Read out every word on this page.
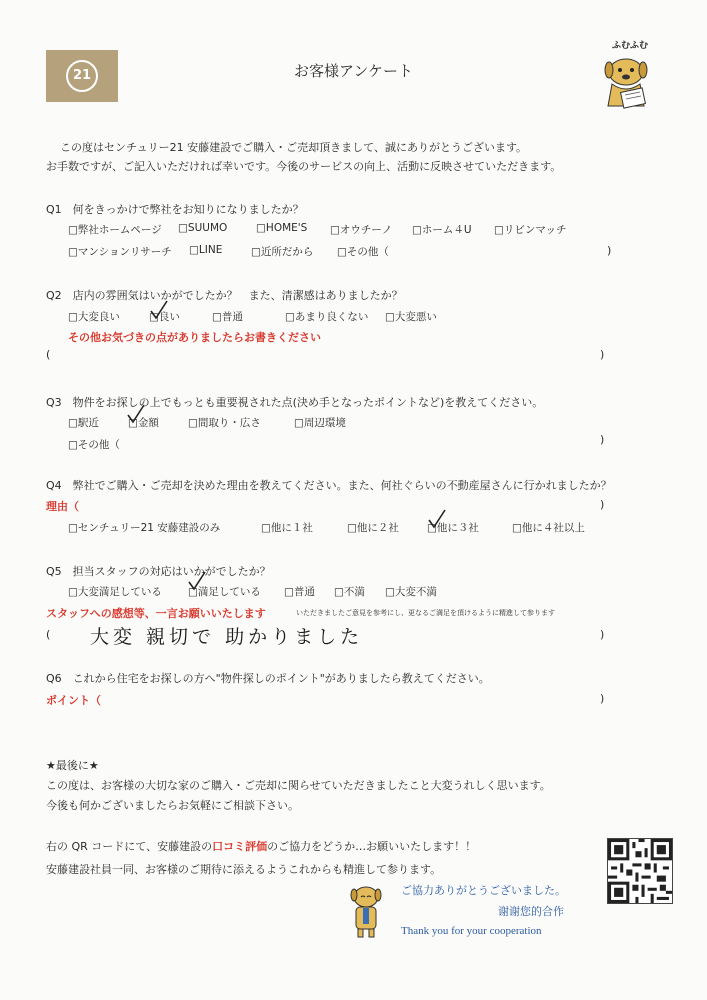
21	お客様アンケート
ふむふむ
この度はセンチュリー21 安藤建設でご購入・ご売却頂きまして、誠にありがとうございます。
お手数ですが、ご記入いただければ幸いです。今後のサービスの向上、活動に反映させていただきます。
Q1　何をきっかけで弊社をお知りになりましたか？
□弊社ホームページ □SUUMO	□HOME'S □オウチーノ □ホーム４U □リビンマッチ
□マンションリサーチ □LINE	□近所だから □その他（	)
Q2　店内の雰囲気はいかがでしたか？　また、清潔感はありましたか？
□大変良い	□良い	□普通	□あまり良くない □大変悪い
その他お気づきの点がありましたらお書きください
(	)
Q3　物件をお探しの上でもっとも重要視された点(決め手となったポイントなど)を教えてください。
□駅近	□金額	□間取り・広さ	□周辺環境
□その他（	)
Q4　弊社でご購入・ご売却を決めた理由を教えてください。また、何社ぐらいの不動産屋さんに行かれましたか？
理由（	)
□センチュリー21 安藤建設のみ	□他に１社	□他に２社	□他に３社	□他に４社以上
Q5　担当スタッフの対応はいかがでしたか？
□大変満足している □満足している □普通 □不満 □大変不満
スタッフへの感想等、一言お願いいたします	いただきましたご意見を参考にし、更なるご満足を頂けるように精進して参ります
( 大変 親切で 助かりました	)
Q6　これから住宅をお探しの方へ"物件探しのポイント"がありましたら教えてください。
ポイント（	)
★最後に★
この度は、お客様の大切な家のご購入・ご売却に関らせていただきましたこと大変うれしく思います。
今後も何かございましたらお気軽にご相談下さい。
右の QR コードにて、安藤建設の口コミ評価のご協力をどうか…お願いいたします！！
安藤建設社員一同、お客様のご期待に添えるようこれからも精進して参ります。
ご協力ありがとうございました。
谢谢您的合作
Thank you for your cooperation
